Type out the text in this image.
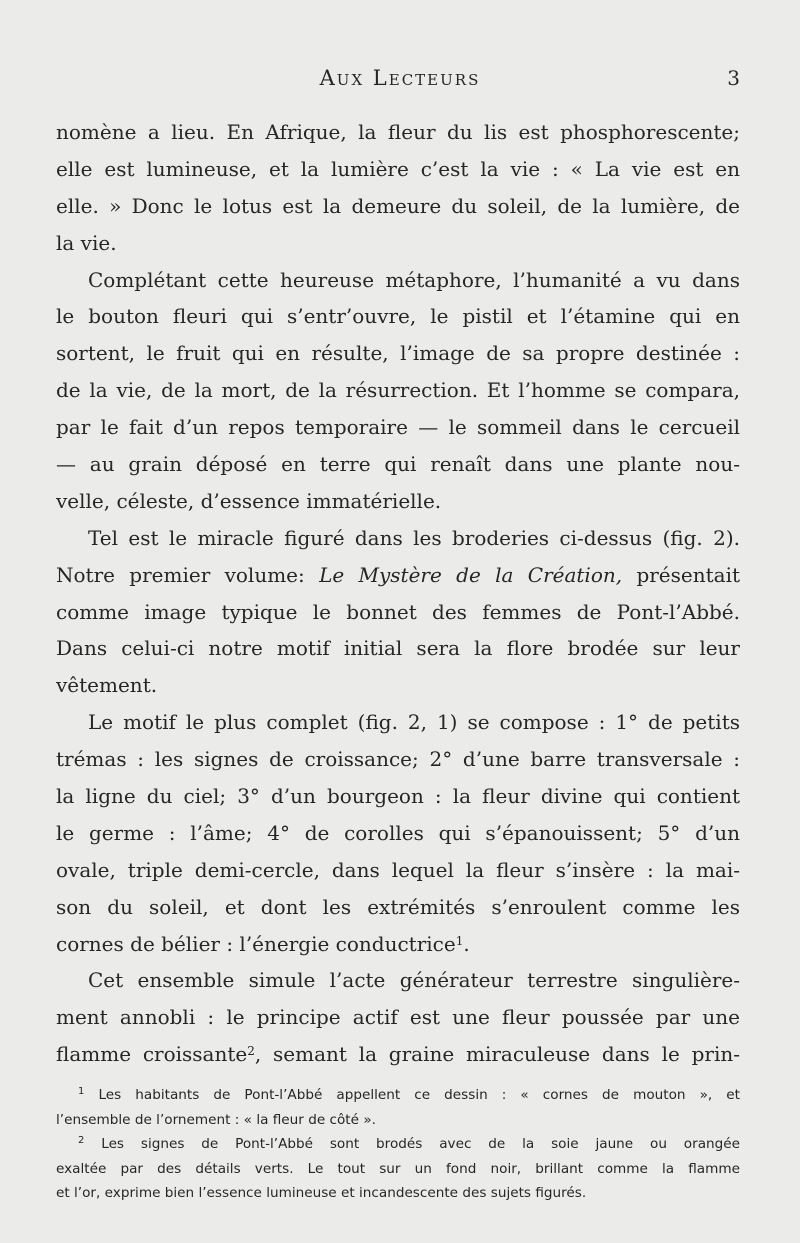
Aux Lecteurs	3
nomène a lieu. En Afrique, la fleur du lis est phosphorescente;
elle est lumineuse, et la lumière c’est la vie : « La vie est en
elle. » Donc le lotus est la demeure du soleil, de la lumière, de
la vie.
Complétant cette heureuse métaphore, l’humanité a vu dans
le bouton fleuri qui s’entr’ouvre, le pistil et l’étamine qui en
sortent, le fruit qui en résulte, l’image de sa propre destinée :
de la vie, de la mort, de la résurrection. Et l’homme se compara,
par le fait d’un repos temporaire — le sommeil dans le cercueil
— au grain déposé en terre qui renaît dans une plante nou-
velle, céleste, d’essence immatérielle.
Tel est le miracle figuré dans les broderies ci-dessus (fig. 2).
Notre premier volume: Le Mystère de la Création, présentait
comme image typique le bonnet des femmes de Pont-l’Abbé.
Dans celui-ci notre motif initial sera la flore brodée sur leur
vêtement.
Le motif le plus complet (fig. 2, 1) se compose : 1° de petits
trémas : les signes de croissance; 2° d’une barre transversale :
la ligne du ciel; 3° d’un bourgeon : la fleur divine qui contient
le germe : l’âme; 4° de corolles qui s’épanouissent; 5° d’un
ovale, triple demi-cercle, dans lequel la fleur s’insère : la mai-
son du soleil, et dont les extrémités s’enroulent comme les
cornes de bélier : l’énergie conductrice$^1$.
Cet ensemble simule l’acte générateur terrestre singulière-
ment annobli : le principe actif est une fleur poussée par une
flamme croissante$^2$, semant la graine miraculeuse dans le prin-
$^1$ Les habitants de Pont-l’Abbé appellent ce dessin : « cornes de mouton », et
l’ensemble de l’ornement : « la fleur de côté ».
$^2$ Les signes de Pont-l’Abbé sont brodés avec de la soie jaune ou orangée
exaltée par des détails verts. Le tout sur un fond noir, brillant comme la flamme
et l’or, exprime bien l’essence lumineuse et incandescente des sujets figurés.
